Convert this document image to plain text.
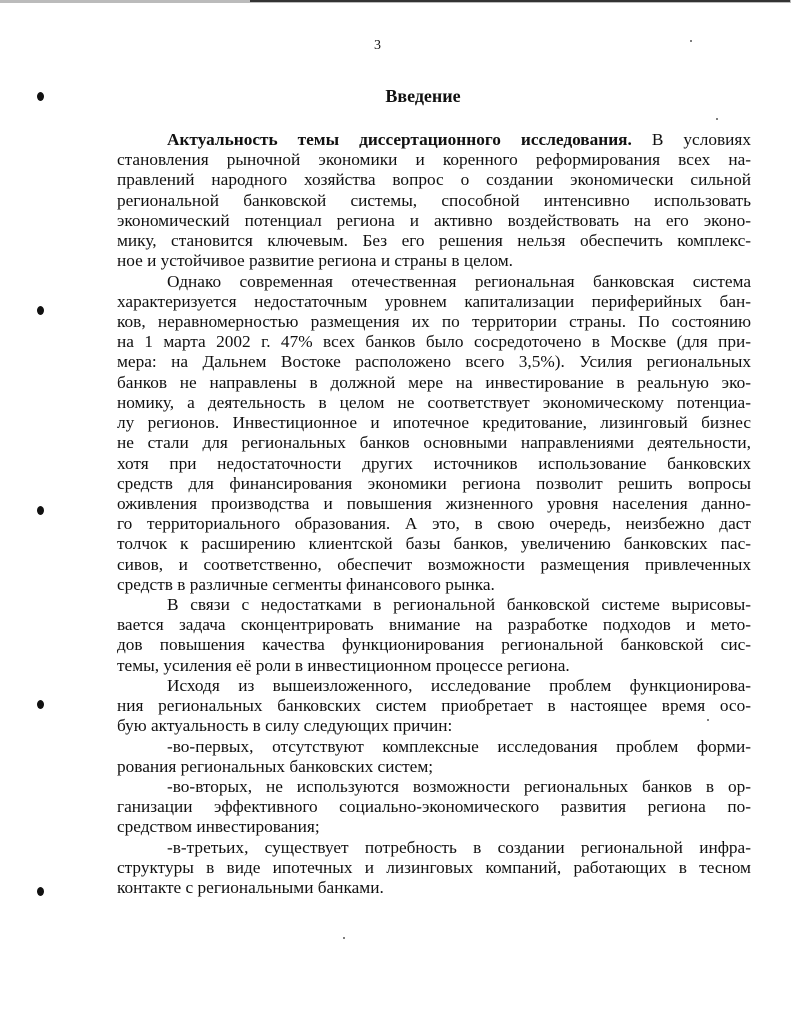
3
Введение
Актуальность темы диссертационного исследования. В условиях
становления рыночной экономики и коренного реформирования всех на-
правлений народного хозяйства вопрос о создании экономически сильной
региональной банковской системы, способной интенсивно использовать
экономический потенциал региона и активно воздействовать на его эконо-
мику, становится ключевым. Без его решения нельзя обеспечить комплекс-
ное и устойчивое развитие региона и страны в целом.
Однако современная отечественная региональная банковская система
характеризуется недостаточным уровнем капитализации периферийных бан-
ков, неравномерностью размещения их по территории страны. По состоянию
на 1 марта 2002 г. 47% всех банков было сосредоточено в Москве (для при-
мера: на Дальнем Востоке расположено всего 3,5%). Усилия региональных
банков не направлены в должной мере на инвестирование в реальную эко-
номику, а деятельность в целом не соответствует экономическому потенциа-
лу регионов. Инвестиционное и ипотечное кредитование, лизинговый бизнес
не стали для региональных банков основными направлениями деятельности,
хотя при недостаточности других источников использование банковских
средств для финансирования экономики региона позволит решить вопросы
оживления производства и повышения жизненного уровня населения данно-
го территориального образования. А это, в свою очередь, неизбежно даст
толчок к расширению клиентской базы банков, увеличению банковских пас-
сивов, и соответственно, обеспечит возможности размещения привлеченных
средств в различные сегменты финансового рынка.
В связи с недостатками в региональной банковской системе вырисовы-
вается задача сконцентрировать внимание на разработке подходов и мето-
дов повышения качества функционирования региональной банковской сис-
темы, усиления её роли в инвестиционном процессе региона.
Исходя из вышеизложенного, исследование проблем функционирова-
ния региональных банковских систем приобретает в настоящее время осо-
бую актуальность в силу следующих причин:
-во-первых, отсутствуют комплексные исследования проблем форми-
рования региональных банковских систем;
-во-вторых, не используются возможности региональных банков в ор-
ганизации эффективного социально-экономического развития региона по-
средством инвестирования;
-в-третьих, существует потребность в создании региональной инфра-
структуры в виде ипотечных и лизинговых компаний, работающих в тесном
контакте с региональными банками.
